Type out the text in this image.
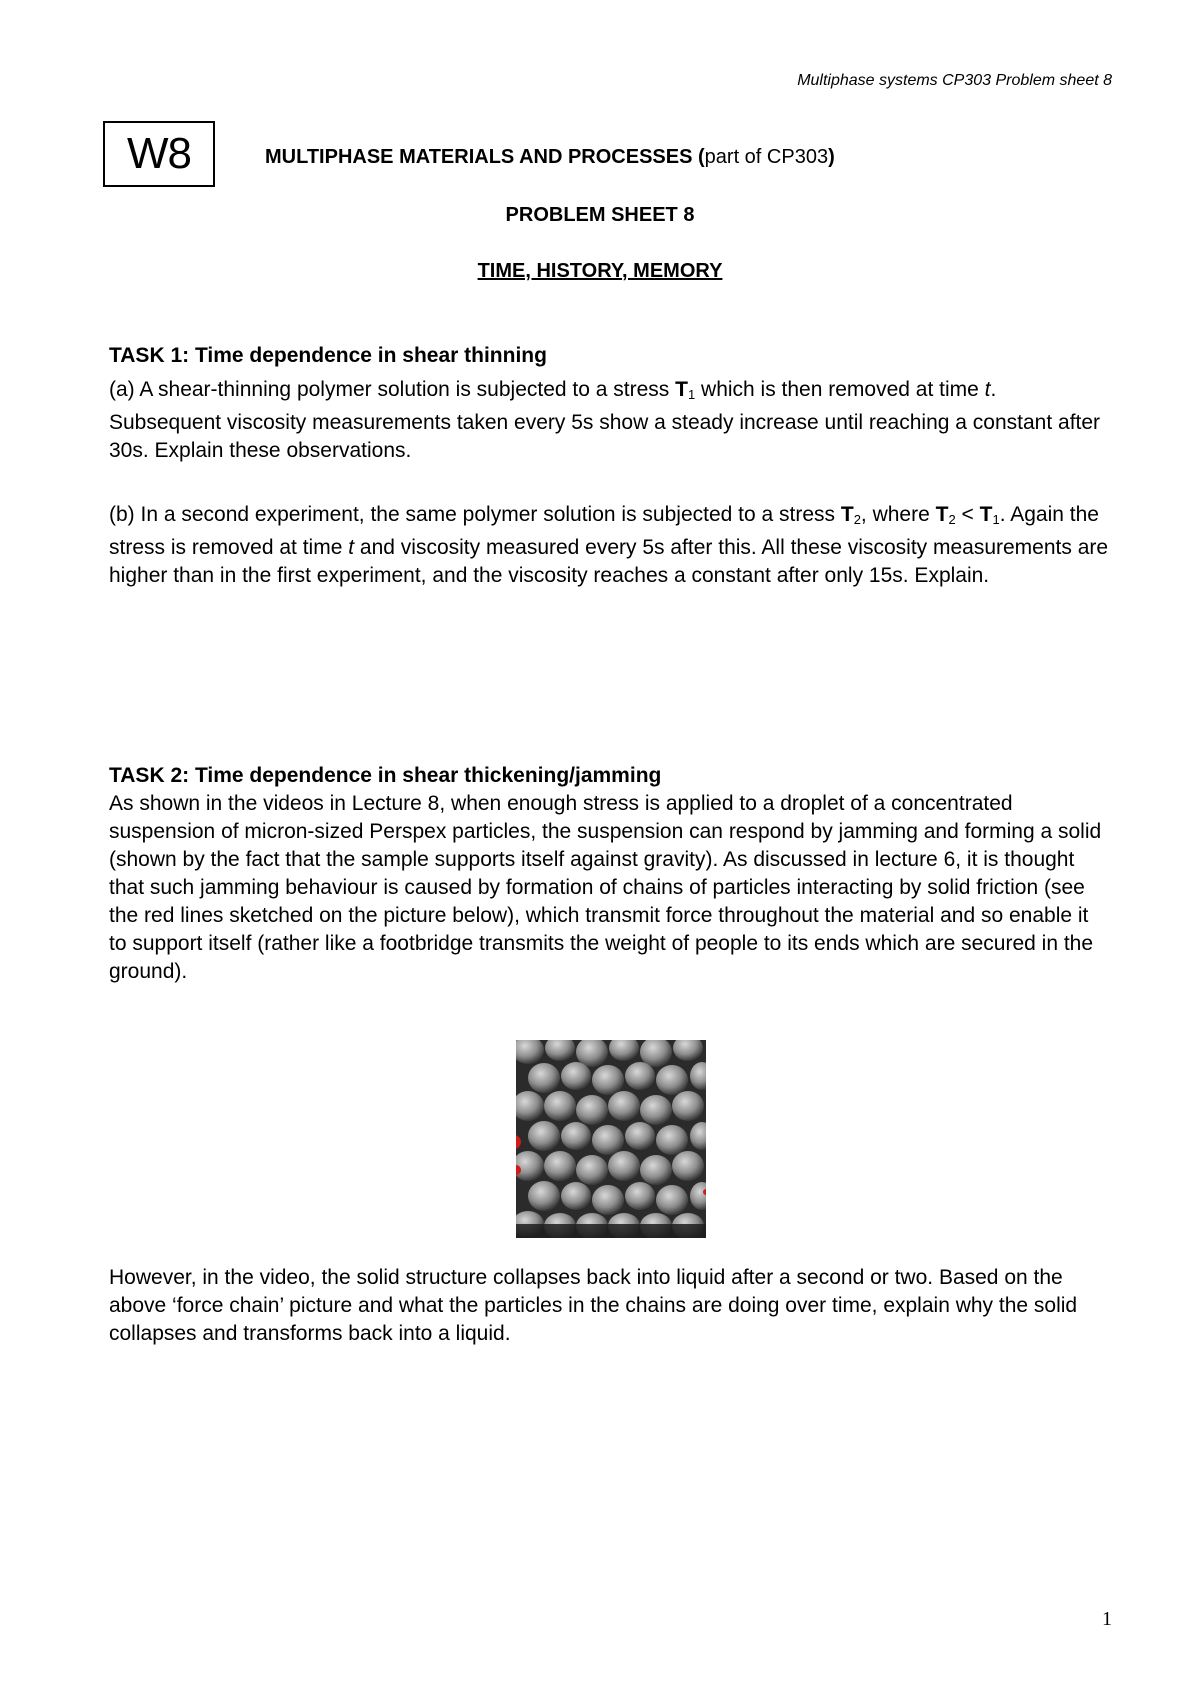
Multiphase systems CP303 Problem sheet 8
W8	MULTIPHASE MATERIALS AND PROCESSES (part of CP303)
PROBLEM SHEET 8
TIME, HISTORY, MEMORY

TASK 1: Time dependence in shear thinning

(a) A shear-thinning polymer solution is subjected to a stress $T_1$ which is then removed at time t. Subsequent viscosity measurements taken every 5s show a steady increase until reaching a constant after 30s. Explain these observations.

(b) In a second experiment, the same polymer solution is subjected to a stress $T_2$, where $T_2 < T_1$. Again the stress is removed at time t and viscosity measured every 5s after this. All these viscosity measurements are higher than in the first experiment, and the viscosity reaches a constant after only 15s. Explain.

TASK 2: Time dependence in shear thickening/jamming

As shown in the videos in Lecture 8, when enough stress is applied to a droplet of a concentrated suspension of micron-sized Perspex particles, the suspension can respond by jamming and forming a solid (shown by the fact that the sample supports itself against gravity). As discussed in lecture 6, it is thought that such jamming behaviour is caused by formation of chains of particles interacting by solid friction (see the red lines sketched on the picture below), which transmit force throughout the material and so enable it to support itself (rather like a footbridge transmits the weight of people to its ends which are secured in the ground).

However, in the video, the solid structure collapses back into liquid after a second or two. Based on the above ‘force chain’ picture and what the particles in the chains are doing over time, explain why the solid collapses and transforms back into a liquid.

1
